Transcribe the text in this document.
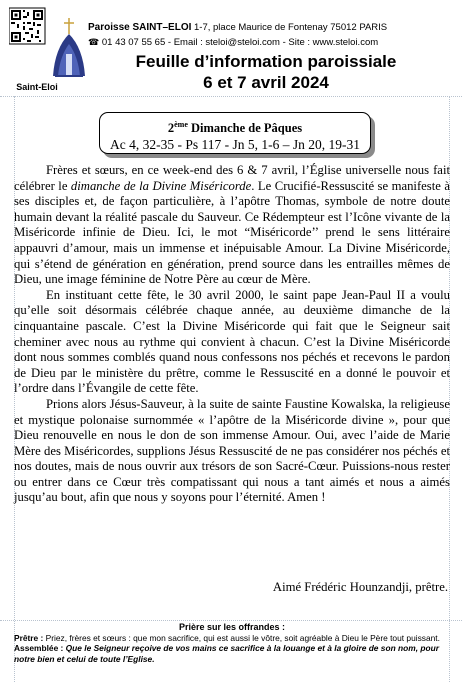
Saint-Eloi
Paroisse SAINT–ELOI 1-7, place Maurice de Fontenay 75012 PARIS
☎ 01 43 07 55 65 - Email : steloi@steloi.com - Site : www.steloi.com
Feuille d’information paroissiale
6 et 7 avril 2024
2ème Dimanche de Pâques
Ac 4, 32-35 - Ps 117 - Jn 5, 1-6 – Jn 20, 19-31

Frères et sœurs, en ce week-end des 6 & 7 avril, l’Église universelle nous fait célébrer le dimanche de la Divine Miséricorde. Le Crucifié-Ressuscité se manifeste à ses disciples et, de façon particulière, à l’apôtre Thomas, symbole de notre doute humain devant la réalité pascale du Sauveur. Ce Rédempteur est l’Icône vivante de la Miséricorde infinie de Dieu. Ici, le mot “Miséricorde’’ prend le sens littéraire appauvri d’amour, mais un immense et inépuisable Amour. La Divine Miséricorde, qui s’étend de génération en génération, prend source dans les entrailles mêmes de Dieu, une image féminine de Notre Père au cœur de Mère.

En instituant cette fête, le 30 avril 2000, le saint pape Jean-Paul II a voulu qu’elle soit désormais célébrée chaque année, au deuxième dimanche de la cinquantaine pascale. C’est la Divine Miséricorde qui fait que le Seigneur sait cheminer avec nous au rythme qui convient à chacun. C’est la Divine Miséricorde dont nous sommes comblés quand nous confessons nos péchés et recevons le pardon de Dieu par le ministère du prêtre, comme le Ressuscité en a donné le pouvoir et l’ordre dans l’Évangile de cette fête.

Prions alors Jésus-Sauveur, à la suite de sainte Faustine Kowalska, la religieuse et mystique polonaise surnommée « l’apôtre de la Miséricorde divine », pour que Dieu renouvelle en nous le don de son immense Amour. Oui, avec l’aide de Marie Mère des Miséricordes, supplions Jésus Ressuscité de ne pas considérer nos péchés et nos doutes, mais de nous ouvrir aux trésors de son Sacré-Cœur. Puissions-nous rester ou entrer dans ce Cœur très compatissant qui nous a tant aimés et nous a aimés jusqu’au bout, afin que nous y soyons pour l’éternité. Amen !

Aimé Frédéric Hounzandji, prêtre.
Prière sur les offrandes :
Prêtre : Priez, frères et sœurs : que mon sacrifice, qui est aussi le vôtre, soit agréable à Dieu le Père tout puissant.
Assemblée : Que le Seigneur reçoive de vos mains ce sacrifice à la louange et à la gloire de son nom, pour notre bien et celui de toute l’Eglise.
